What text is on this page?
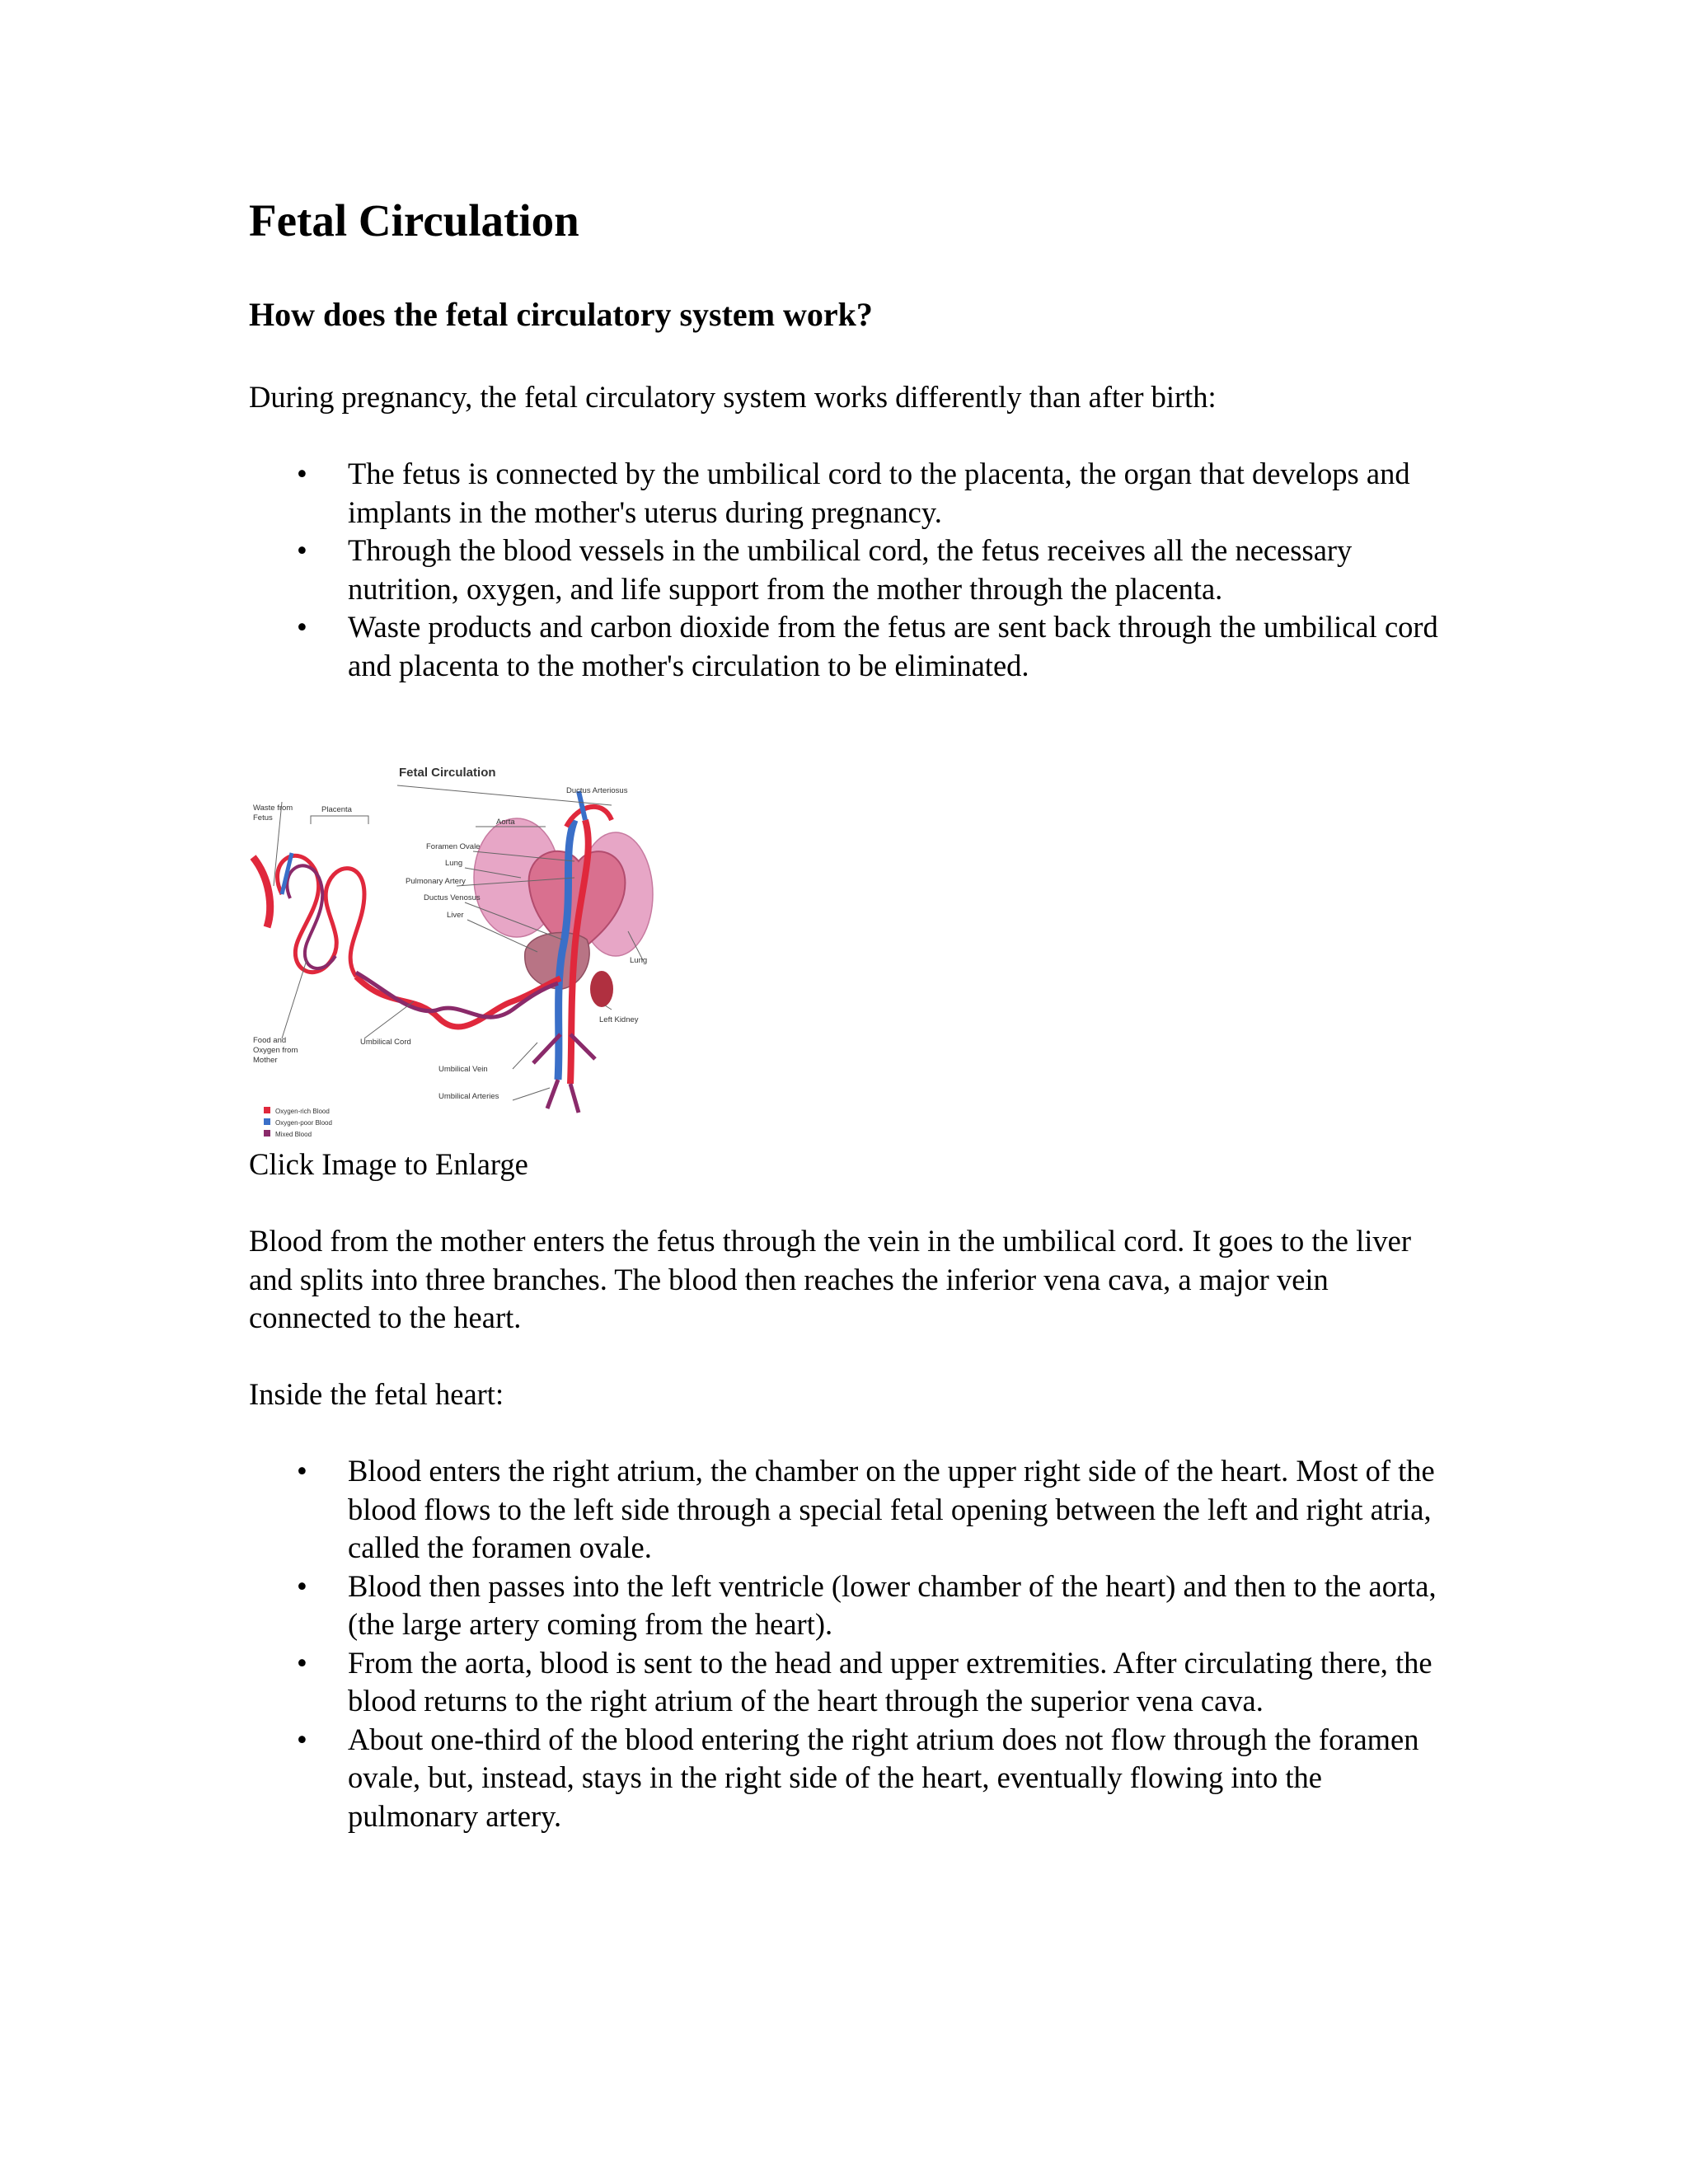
Fetal Circulation
How does the fetal circulatory system work?

During pregnancy, the fetal circulatory system works differently than after birth:

• The fetus is connected by the umbilical cord to the placenta, the organ that develops and implants in the mother's uterus during pregnancy.
• Through the blood vessels in the umbilical cord, the fetus receives all the necessary nutrition, oxygen, and life support from the mother through the placenta.
• Waste products and carbon dioxide from the fetus are sent back through the umbilical cord and placenta to the mother's circulation to be eliminated.
Fetal Circulation
Ductus Arteriosus
Waste from Fetus
Placenta
Aorta
Foramen Ovale
Lung
Pulmonary Artery
Ductus Venosus
Liver
Lung
Left Kidney
Food and Oxygen from Mother
Umbilical Cord
Umbilical Vein
Umbilical Arteries
Oxygen-rich Blood
Oxygen-poor Blood
Mixed Blood

Click Image to Enlarge

Blood from the mother enters the fetus through the vein in the umbilical cord. It goes to the liver and splits into three branches. The blood then reaches the inferior vena cava, a major vein connected to the heart.

Inside the fetal heart:

• Blood enters the right atrium, the chamber on the upper right side of the heart. Most of the blood flows to the left side through a special fetal opening between the left and right atria, called the foramen ovale.
• Blood then passes into the left ventricle (lower chamber of the heart) and then to the aorta, (the large artery coming from the heart).
• From the aorta, blood is sent to the head and upper extremities. After circulating there, the blood returns to the right atrium of the heart through the superior vena cava.
• About one-third of the blood entering the right atrium does not flow through the foramen ovale, but, instead, stays in the right side of the heart, eventually flowing into the pulmonary artery.
